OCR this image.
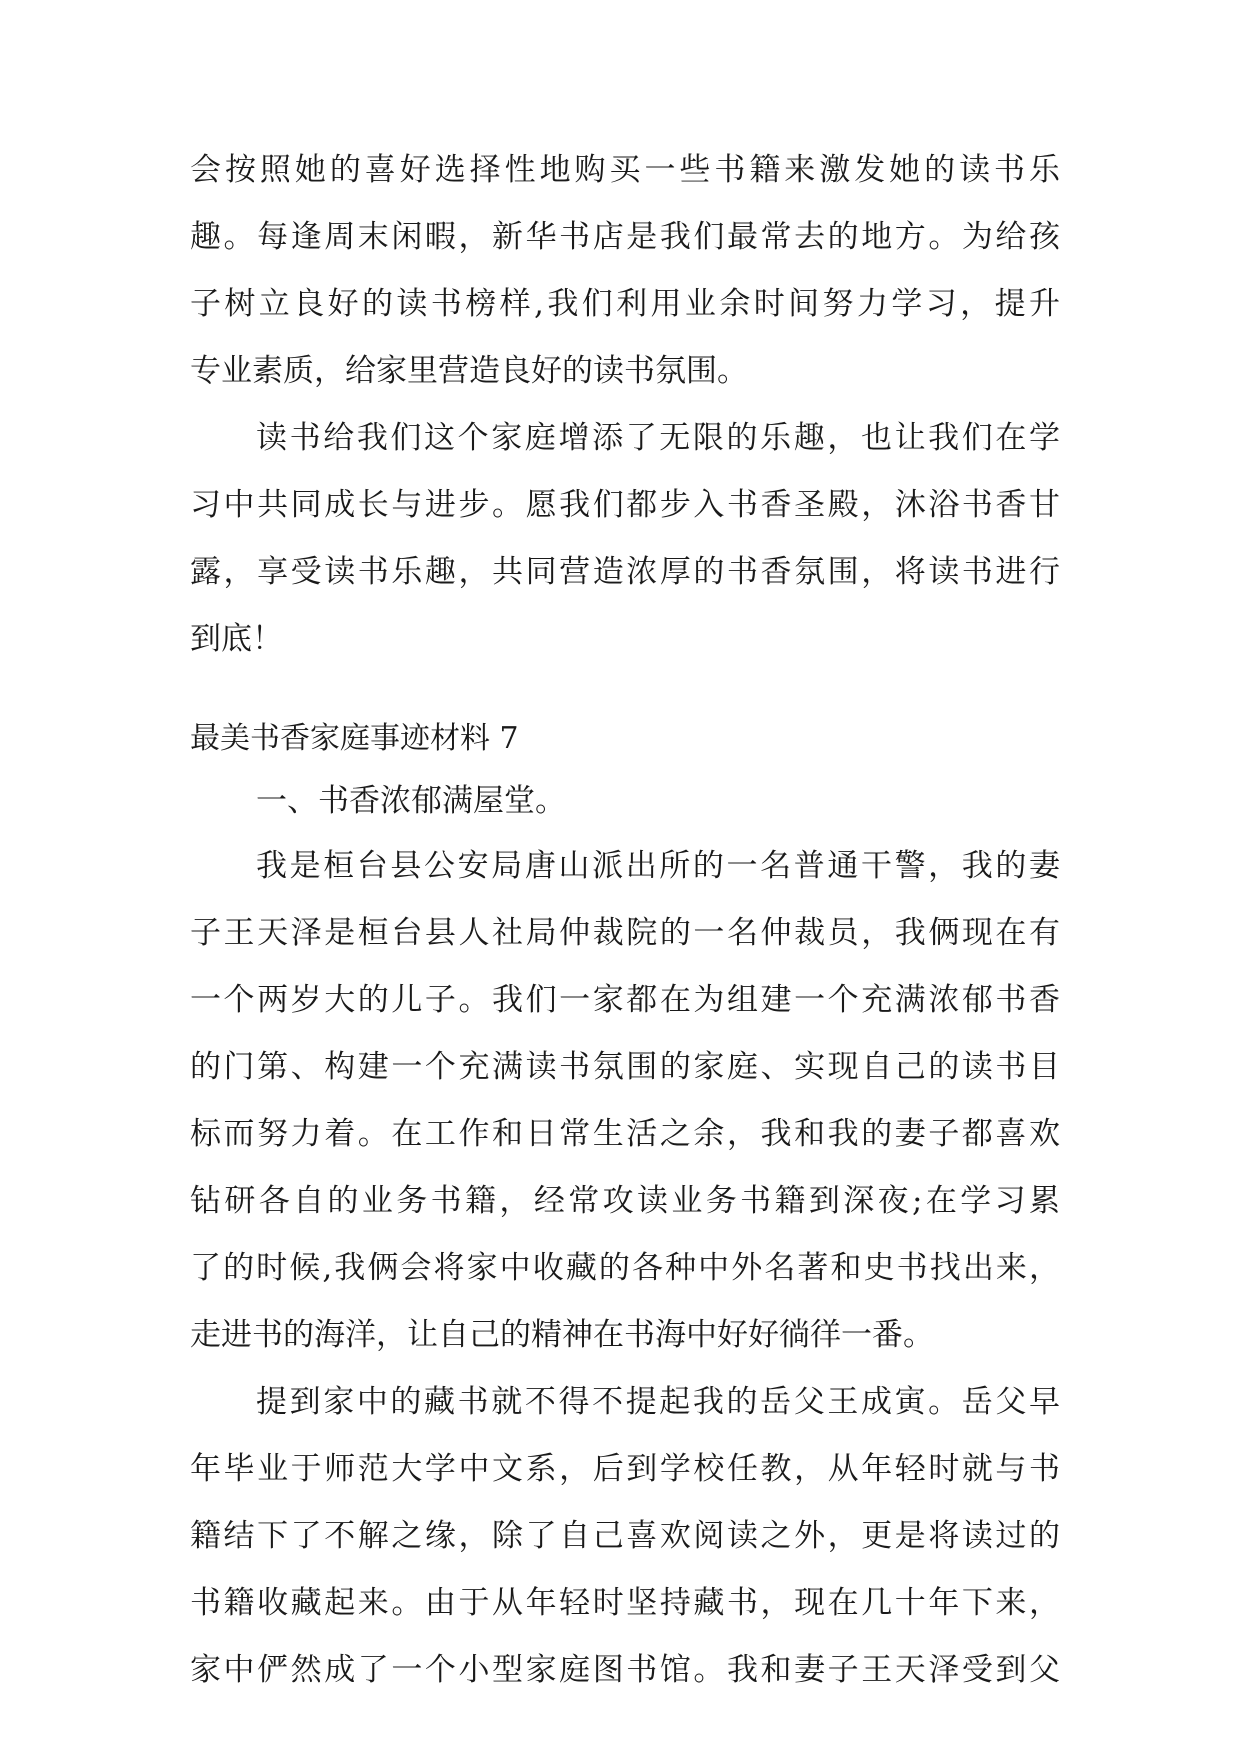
会按照她的喜好选择性地购买一些书籍来激发她的读书乐
趣。每逢周末闲暇，新华书店是我们最常去的地方。为给孩
子树立良好的读书榜样,我们利用业余时间努力学习，提升
专业素质，给家里营造良好的读书氛围。
读书给我们这个家庭增添了无限的乐趣，也让我们在学
习中共同成长与进步。愿我们都步入书香圣殿，沐浴书香甘
露，享受读书乐趣，共同营造浓厚的书香氛围，将读书进行
到底！
最美书香家庭事迹材料 7
一、书香浓郁满屋堂。
我是桓台县公安局唐山派出所的一名普通干警，我的妻
子王天泽是桓台县人社局仲裁院的一名仲裁员，我俩现在有
一个两岁大的儿子。我们一家都在为组建一个充满浓郁书香
的门第、构建一个充满读书氛围的家庭、实现自己的读书目
标而努力着。在工作和日常生活之余，我和我的妻子都喜欢
钻研各自的业务书籍，经常攻读业务书籍到深夜;在学习累
了的时候,我俩会将家中收藏的各种中外名著和史书找出来，
走进书的海洋，让自己的精神在书海中好好徜徉一番。
提到家中的藏书就不得不提起我的岳父王成寅。岳父早
年毕业于师范大学中文系，后到学校任教，从年轻时就与书
籍结下了不解之缘，除了自己喜欢阅读之外，更是将读过的
书籍收藏起来。由于从年轻时坚持藏书，现在几十年下来，
家中俨然成了一个小型家庭图书馆。我和妻子王天泽受到父
